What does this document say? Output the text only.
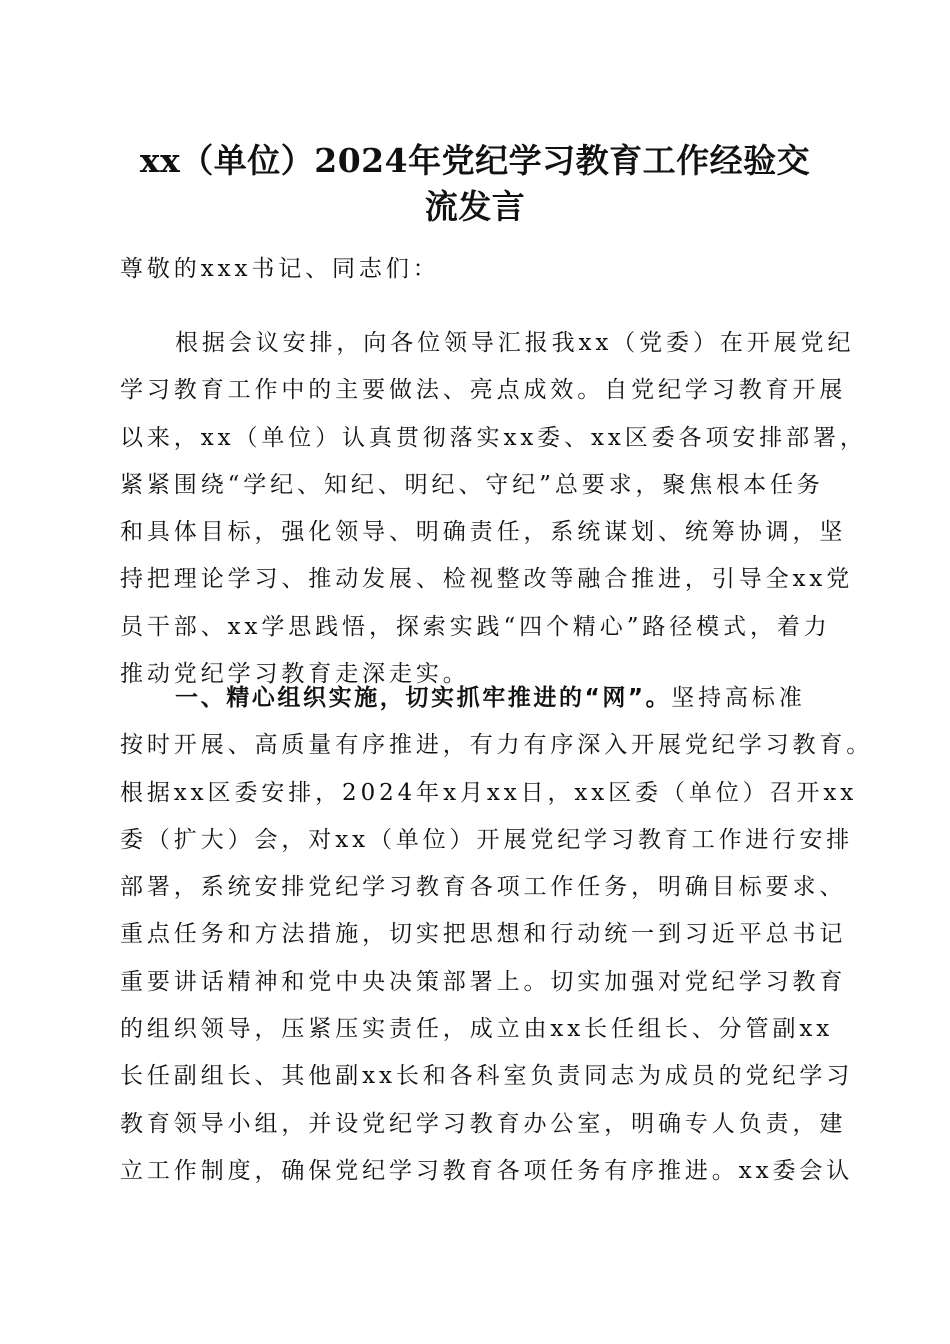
xx（单位）2024年党纪学习教育工作经验交
流发言
尊敬的xxx书记、同志们：
根据会议安排，向各位领导汇报我xx（党委）在开展党纪
学习教育工作中的主要做法、亮点成效。自党纪学习教育开展
以来，xx（单位）认真贯彻落实xx委、xx区委各项安排部署，
紧紧围绕“学纪、知纪、明纪、守纪”总要求，聚焦根本任务
和具体目标，强化领导、明确责任，系统谋划、统筹协调，坚
持把理论学习、推动发展、检视整改等融合推进，引导全xx党
员干部、xx学思践悟，探索实践“四个精心”路径模式，着力
推动党纪学习教育走深走实。
一、精心组织实施，切实抓牢推进的“网”。坚持高标准
按时开展、高质量有序推进，有力有序深入开展党纪学习教育。
根据xx区委安排，2024年x月xx日，xx区委（单位）召开xx
委（扩大）会，对xx（单位）开展党纪学习教育工作进行安排
部署，系统安排党纪学习教育各项工作任务，明确目标要求、
重点任务和方法措施，切实把思想和行动统一到习近平总书记
重要讲话精神和党中央决策部署上。切实加强对党纪学习教育
的组织领导，压紧压实责任，成立由xx长任组长、分管副xx
长任副组长、其他副xx长和各科室负责同志为成员的党纪学习
教育领导小组，并设党纪学习教育办公室，明确专人负责，建
立工作制度，确保党纪学习教育各项任务有序推进。xx委会认
